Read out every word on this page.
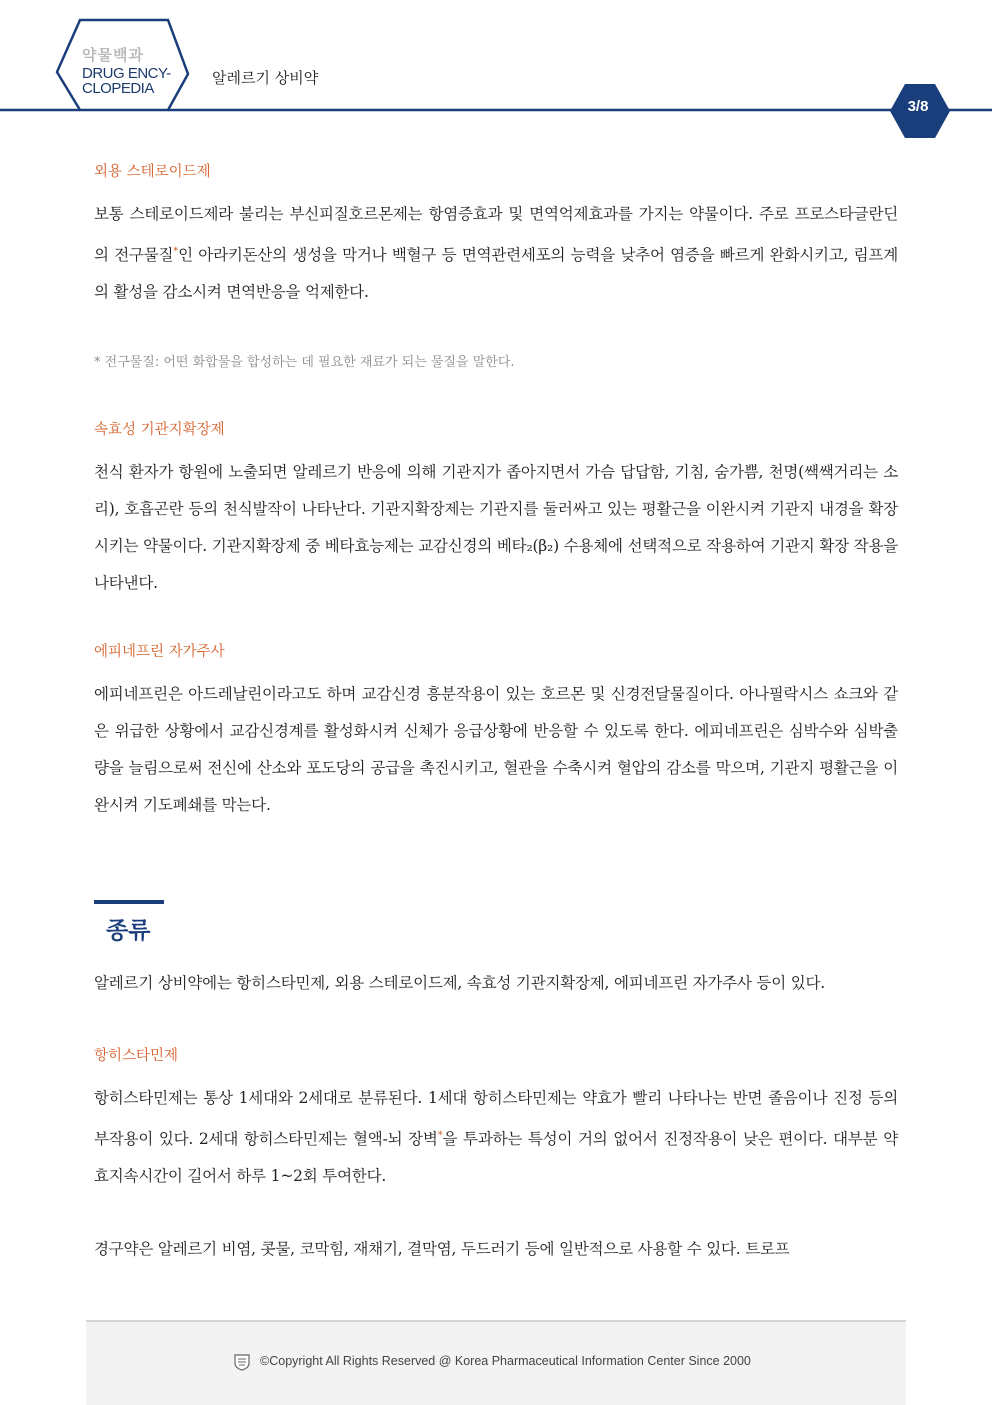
약물백과
DRUG ENCY-
CLOPEDIA
알레르기 상비약
3/8
외용 스테로이드제

보통 스테로이드제라 불리는 부신피질호르몬제는 항염증효과 및 면역억제효과를 가지는 약물이다. 주로 프로스타글란딘의 전구물질*인 아라키돈산의 생성을 막거나 백혈구 등 면역관련세포의 능력을 낮추어 염증을 빠르게 완화시키고, 림프계의 활성을 감소시켜 면역반응을 억제한다.

* 전구물질: 어떤 화합물을 합성하는 데 필요한 재료가 되는 물질을 말한다.

속효성 기관지확장제

천식 환자가 항원에 노출되면 알레르기 반응에 의해 기관지가 좁아지면서 가슴 답답함, 기침, 숨가쁨, 천명(쌕쌕거리는 소리), 호흡곤란 등의 천식발작이 나타난다. 기관지확장제는 기관지를 둘러싸고 있는 평활근을 이완시켜 기관지 내경을 확장시키는 약물이다. 기관지확장제 중 베타효능제는 교감신경의 베타₂(β₂) 수용체에 선택적으로 작용하여 기관지 확장 작용을 나타낸다.

에피네프린 자가주사

에피네프린은 아드레날린이라고도 하며 교감신경 흥분작용이 있는 호르몬 및 신경전달물질이다. 아나필락시스 쇼크와 같은 위급한 상황에서 교감신경계를 활성화시켜 신체가 응급상황에 반응할 수 있도록 한다. 에피네프린은 심박수와 심박출량을 늘림으로써 전신에 산소와 포도당의 공급을 촉진시키고, 혈관을 수축시켜 혈압의 감소를 막으며, 기관지 평활근을 이완시켜 기도폐쇄를 막는다.

종류

알레르기 상비약에는 항히스타민제, 외용 스테로이드제, 속효성 기관지확장제, 에피네프린 자가주사 등이 있다.

항히스타민제

항히스타민제는 통상 1세대와 2세대로 분류된다. 1세대 항히스타민제는 약효가 빨리 나타나는 반면 졸음이나 진정 등의 부작용이 있다. 2세대 항히스타민제는 혈액-뇌 장벽*을 투과하는 특성이 거의 없어서 진정작용이 낮은 편이다. 대부분 약효지속시간이 길어서 하루 1~2회 투여한다.

경구약은 알레르기 비염, 콧물, 코막힘, 재채기, 결막염, 두드러기 등에 일반적으로 사용할 수 있다. 트로프

©Copyright All Rights Reserved @ Korea Pharmaceutical Information Center Since 2000
